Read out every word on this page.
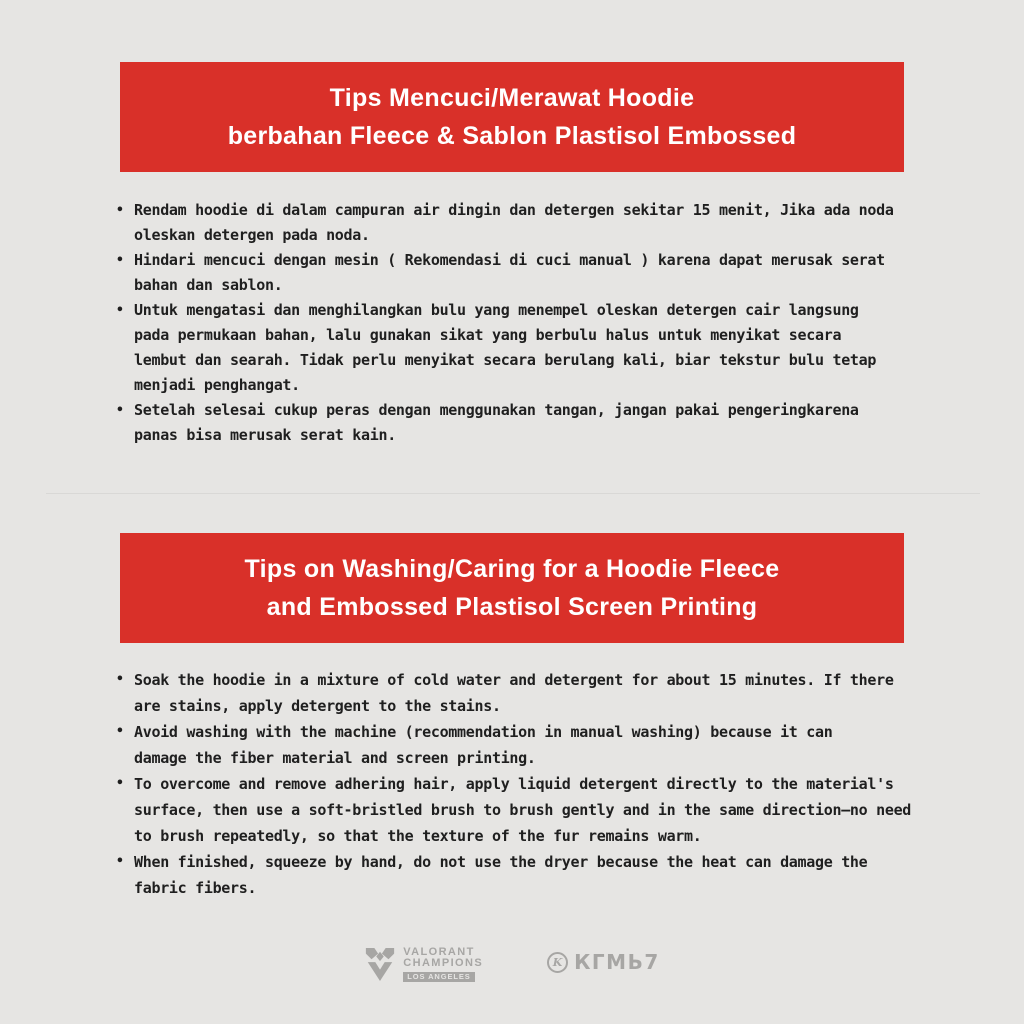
Tips Mencuci/Merawat Hoodie
berbahan Fleece & Sablon Plastisol Embossed
• Rendam hoodie di dalam campuran air dingin dan detergen sekitar 15 menit, Jika ada noda
oleskan detergen pada noda.
• Hindari mencuci dengan mesin ( Rekomendasi di cuci manual ) karena dapat merusak serat
bahan dan sablon.
• Untuk mengatasi dan menghilangkan bulu yang menempel oleskan detergen cair langsung
pada permukaan bahan, lalu gunakan sikat yang berbulu halus untuk menyikat secara
lembut dan searah. Tidak perlu menyikat secara berulang kali, biar tekstur bulu tetap
menjadi penghangat.
• Setelah selesai cukup peras dengan menggunakan tangan, jangan pakai pengeringkarena
panas bisa merusak serat kain.
Tips on Washing/Caring for a Hoodie Fleece
and Embossed Plastisol Screen Printing
• Soak the hoodie in a mixture of cold water and detergent for about 15 minutes. If there
are stains, apply detergent to the stains.
• Avoid washing with the machine (recommendation in manual washing) because it can
damage the fiber material and screen printing.
• To overcome and remove adhering hair, apply liquid detergent directly to the material's
surface, then use a soft-bristled brush to brush gently and in the same direction—no need
to brush repeatedly, so that the texture of the fur remains warm.
• When finished, squeeze by hand, do not use the dryer because the heat can damage the
fabric fibers.
VALORANT
CHAMPIONS
LOS ANGELES
K КГМЬ7
